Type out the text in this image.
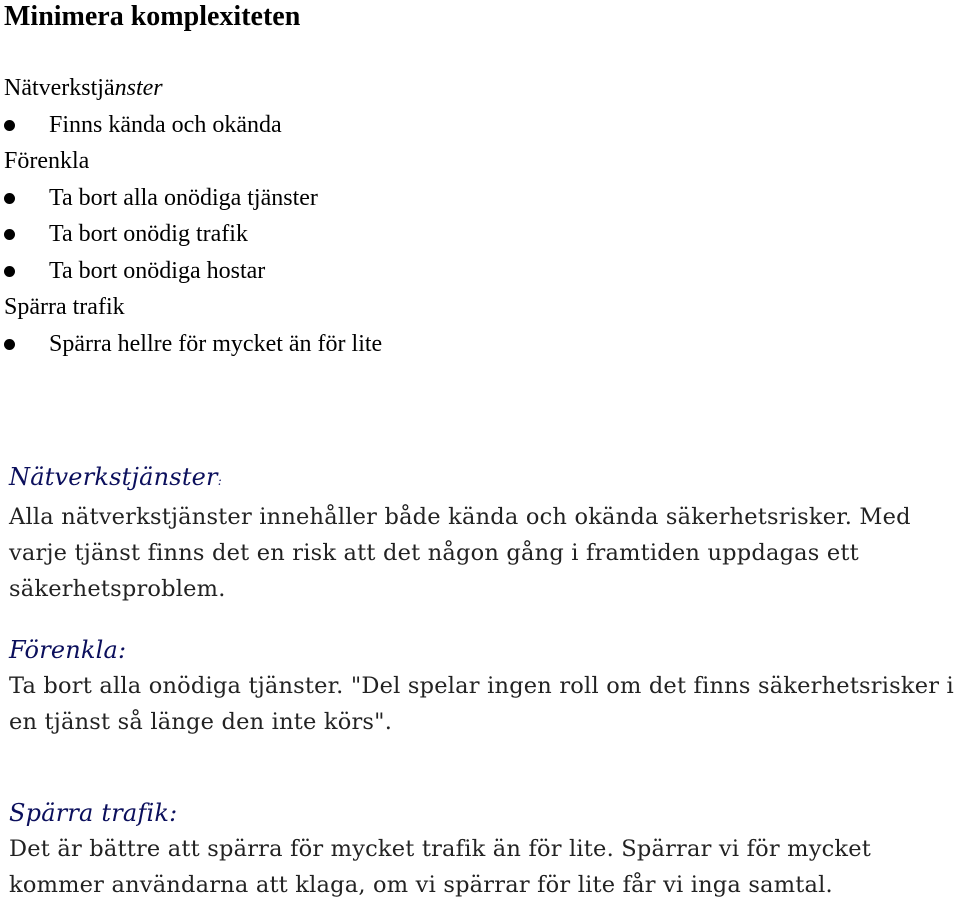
Minimera komplexiteten
Nätverkstjänster
Finns kända och okända
Förenkla
Ta bort alla onödiga tjänster
Ta bort onödig trafik
Ta bort onödiga hostar
Spärra trafik
Spärra hellre för mycket än för lite
Nätverkstjänster:

Alla nätverkstjänster innehåller både kända och okända säkerhetsrisker. Med varje tjänst finns det en risk att det någon gång i framtiden uppdagas ett säkerhetsproblem.

Förenkla:

Ta bort alla onödiga tjänster. "Del spelar ingen roll om det finns säkerhetsrisker i en tjänst så länge den inte körs".

Spärra trafik:

Det är bättre att spärra för mycket trafik än för lite. Spärrar vi för mycket kommer användarna att klaga, om vi spärrar för lite får vi inga samtal.
